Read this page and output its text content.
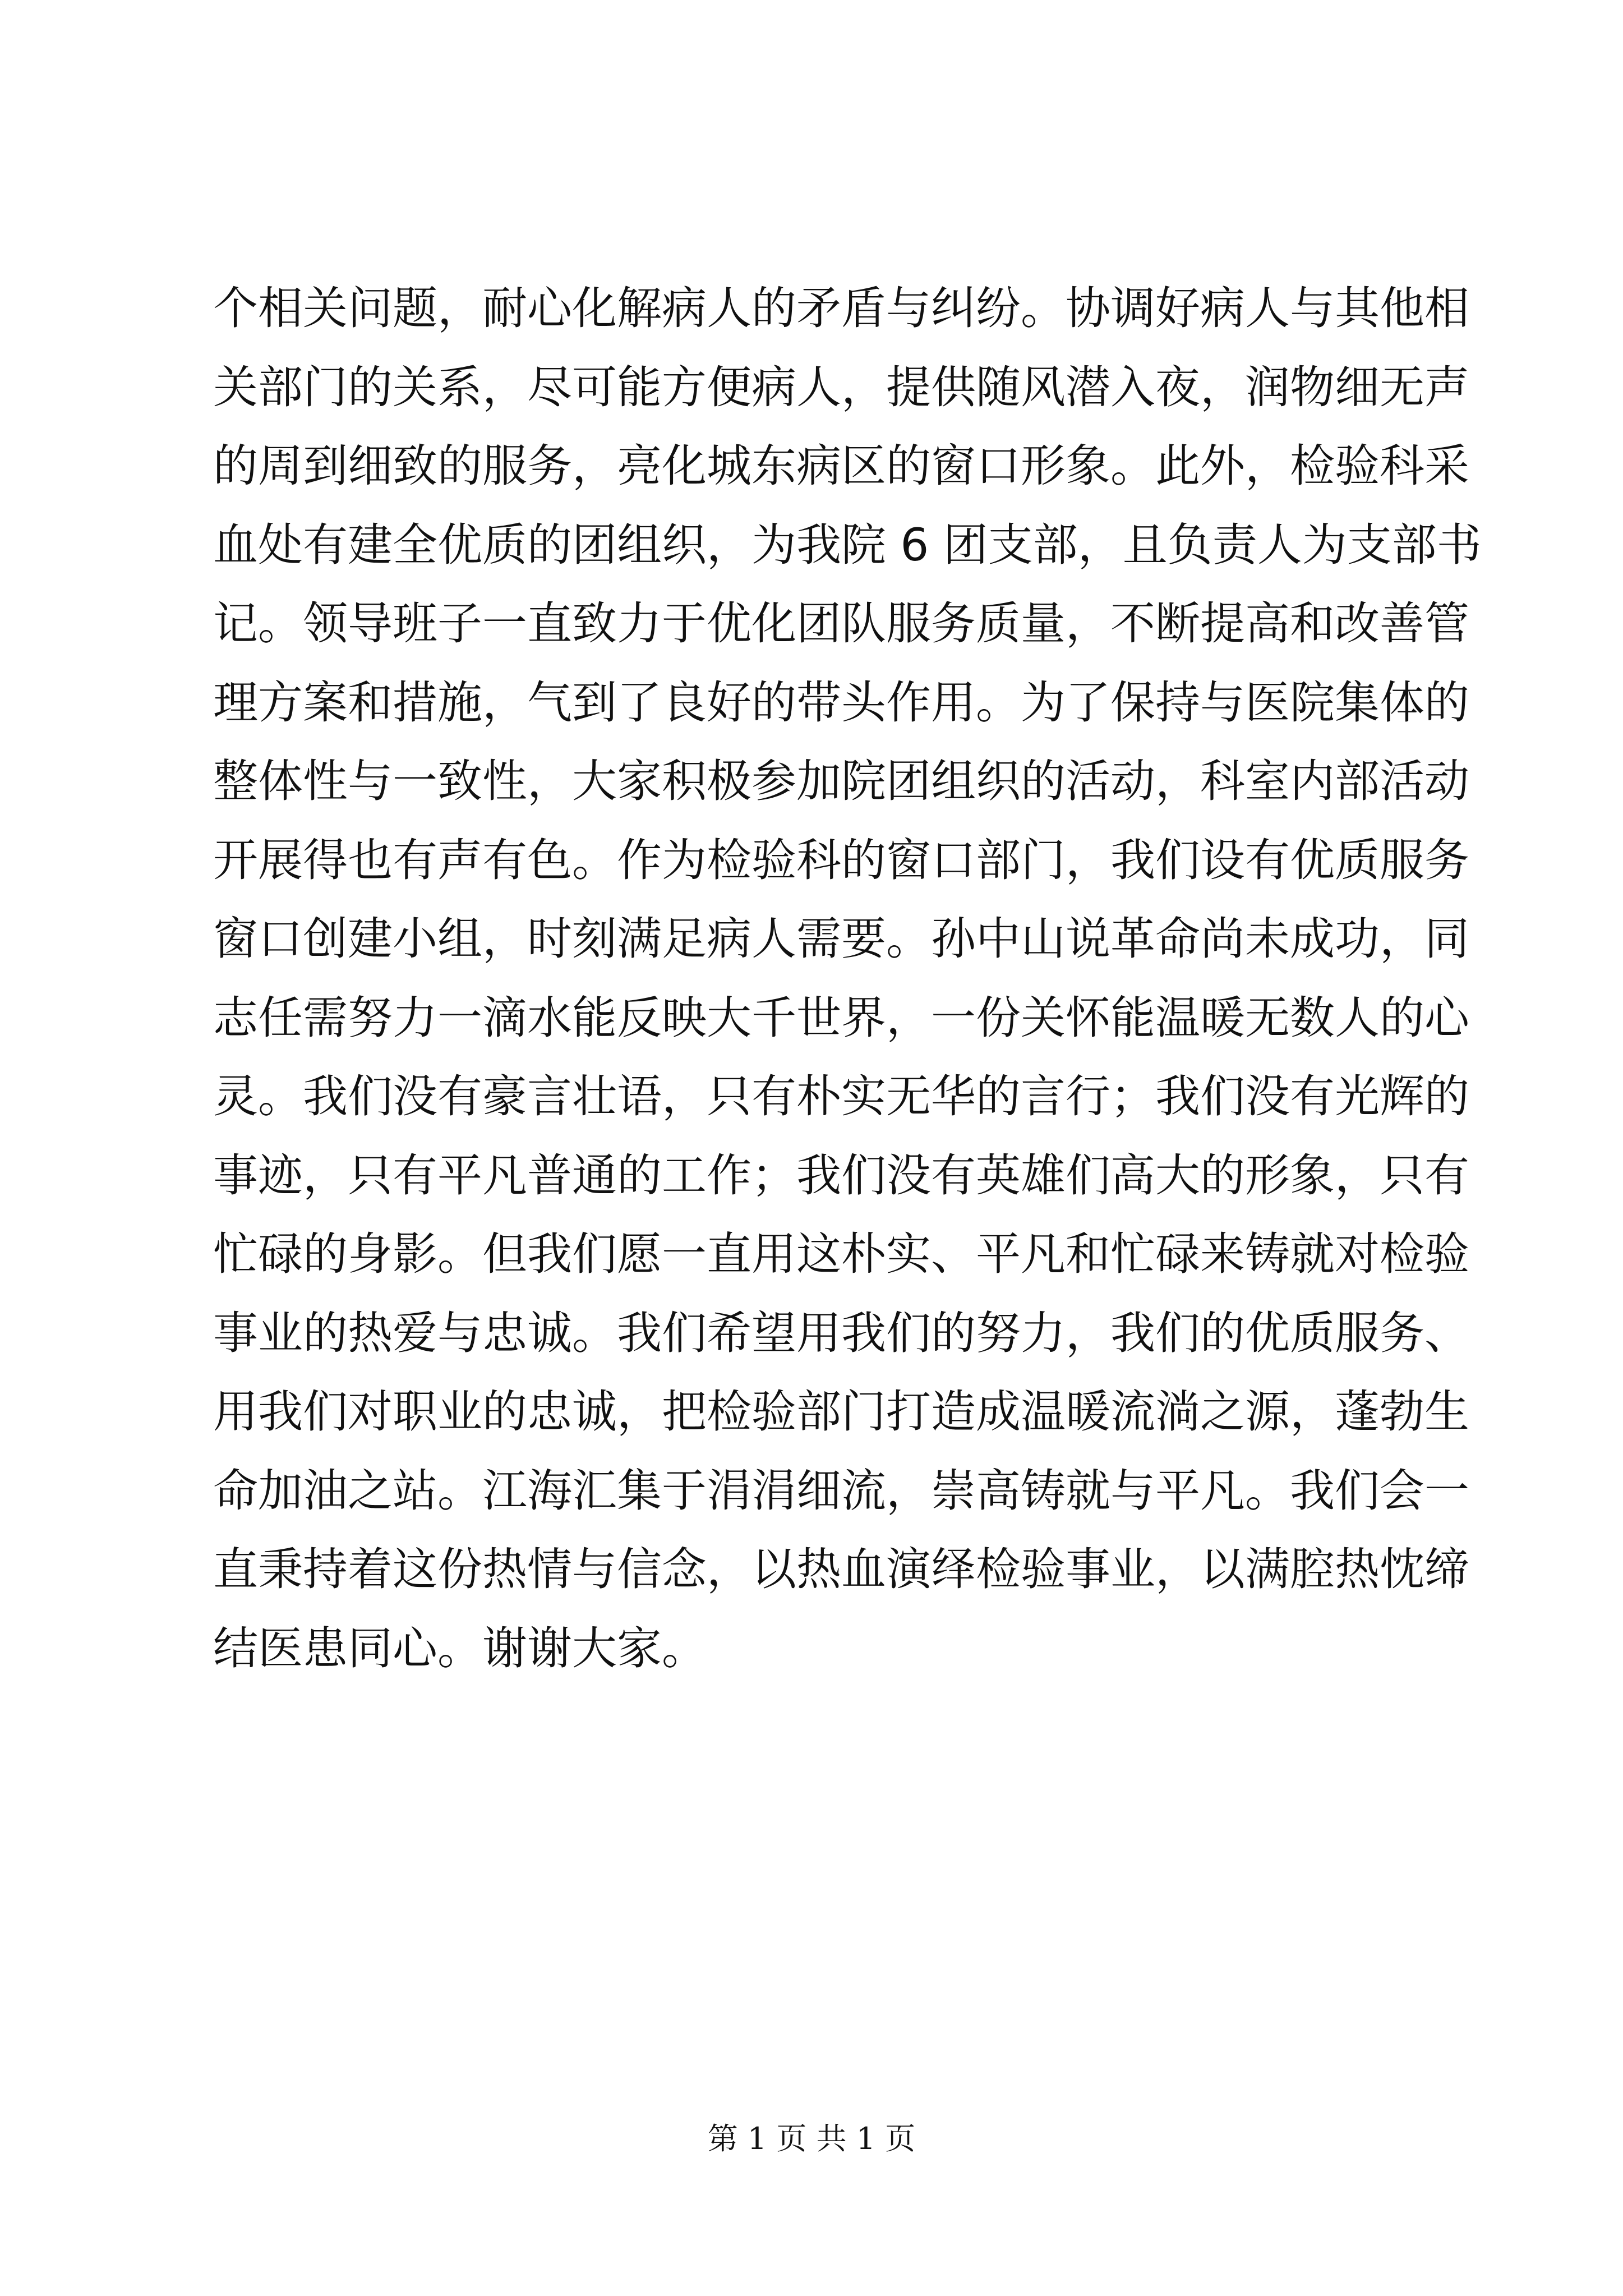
个相关问题，耐心化解病人的矛盾与纠纷。协调好病人与其他相
关部门的关系，尽可能方便病人，提供随风潜入夜，润物细无声
的周到细致的服务，亮化城东病区的窗口形象。此外，检验科采
血处有建全优质的团组织，为我院 6 团支部，且负责人为支部书
记。领导班子一直致力于优化团队服务质量，不断提高和改善管
理方案和措施，气到了良好的带头作用。为了保持与医院集体的
整体性与一致性，大家积极参加院团组织的活动，科室内部活动
开展得也有声有色。作为检验科的窗口部门，我们设有优质服务
窗口创建小组，时刻满足病人需要。孙中山说革命尚未成功，同
志任需努力一滴水能反映大千世界，一份关怀能温暖无数人的心
灵。我们没有豪言壮语，只有朴实无华的言行；我们没有光辉的
事迹，只有平凡普通的工作；我们没有英雄们高大的形象，只有
忙碌的身影。但我们愿一直用这朴实、平凡和忙碌来铸就对检验
事业的热爱与忠诚。我们希望用我们的努力，我们的优质服务、
用我们对职业的忠诚，把检验部门打造成温暖流淌之源，蓬勃生
命加油之站。江海汇集于涓涓细流，崇高铸就与平凡。我们会一
直秉持着这份热情与信念，以热血演绎检验事业，以满腔热忱缔
结医患同心。谢谢大家。
第 1 页 共 1 页
